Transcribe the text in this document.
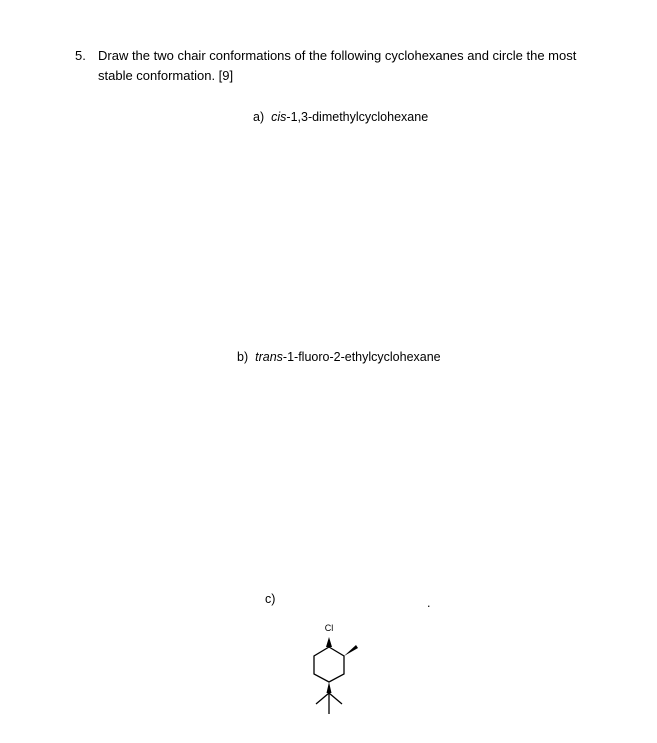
5. Draw the two chair conformations of the following cyclohexanes and circle the most
stable conformation. [9]
a) cis-1,3-dimethylcyclohexane
b) trans-1-fluoro-2-ethylcyclohexane
c)	.
Cl
